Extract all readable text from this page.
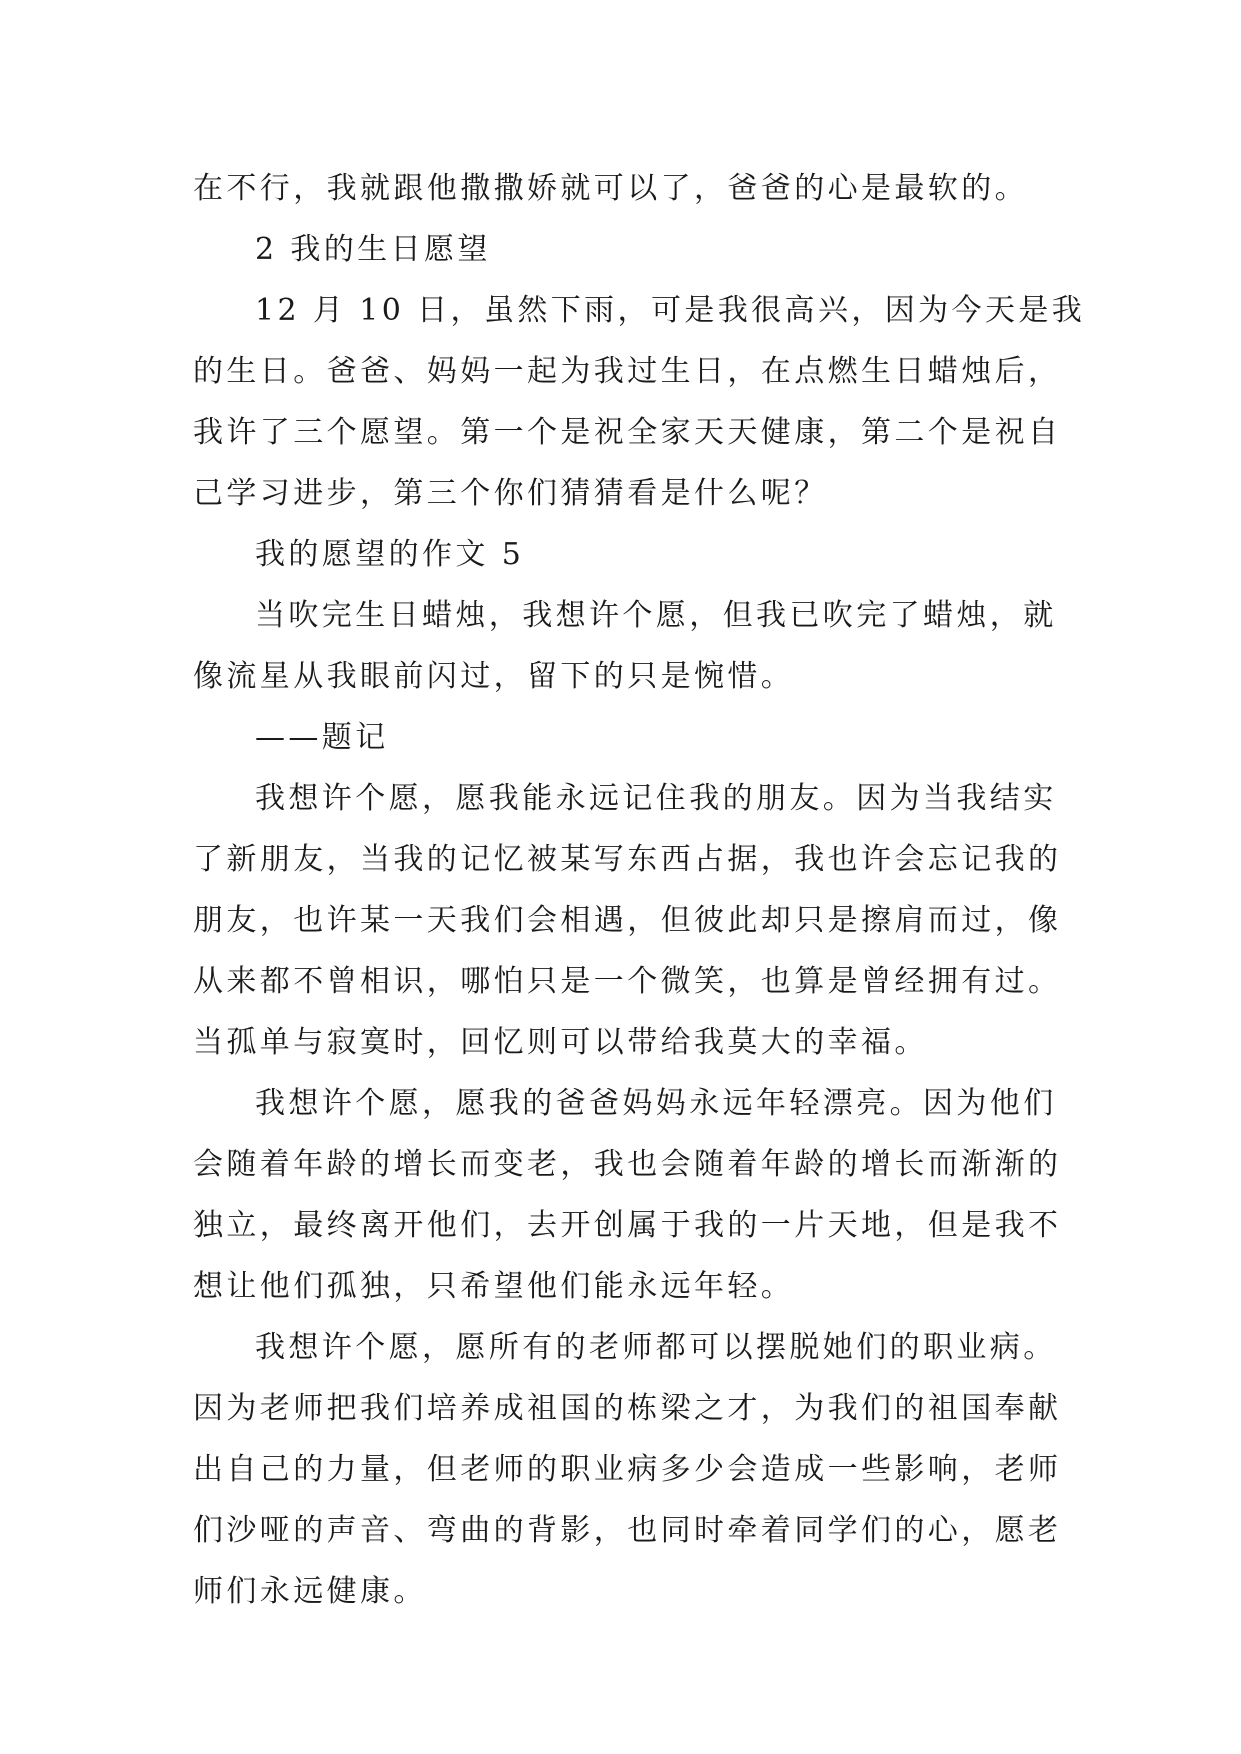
在不行，我就跟他撒撒娇就可以了，爸爸的心是最软的。
2 我的生日愿望
12 月 10 日，虽然下雨，可是我很高兴，因为今天是我
的生日。爸爸、妈妈一起为我过生日，在点燃生日蜡烛后，
我许了三个愿望。第一个是祝全家天天健康，第二个是祝自
己学习进步，第三个你们猜猜看是什么呢？
我的愿望的作文 5
当吹完生日蜡烛，我想许个愿，但我已吹完了蜡烛，就
像流星从我眼前闪过，留下的只是惋惜。
——题记
我想许个愿，愿我能永远记住我的朋友。因为当我结实
了新朋友，当我的记忆被某写东西占据，我也许会忘记我的
朋友，也许某一天我们会相遇，但彼此却只是擦肩而过，像
从来都不曾相识，哪怕只是一个微笑，也算是曾经拥有过。
当孤单与寂寞时，回忆则可以带给我莫大的幸福。
我想许个愿，愿我的爸爸妈妈永远年轻漂亮。因为他们
会随着年龄的增长而变老，我也会随着年龄的增长而渐渐的
独立，最终离开他们，去开创属于我的一片天地，但是我不
想让他们孤独，只希望他们能永远年轻。
我想许个愿，愿所有的老师都可以摆脱她们的职业病。
因为老师把我们培养成祖国的栋梁之才，为我们的祖国奉献
出自己的力量，但老师的职业病多少会造成一些影响，老师
们沙哑的声音、弯曲的背影，也同时牵着同学们的心，愿老
师们永远健康。
